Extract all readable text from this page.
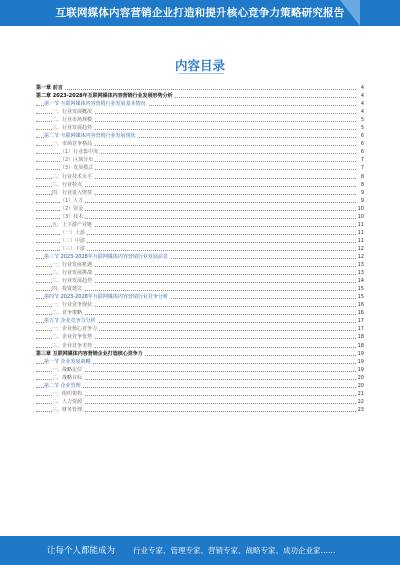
互联网媒体内容营销企业打造和提升核心竞争力策略研究报告
内容目录
第一章 前言	4
第二章 2023-2028年互联网媒体内容营销行业发展形势分析	4
第一节 互联网媒体内容营销行业发展基本情况	4
一、行业发展概况	4
二、行业市场规模	5
三、行业发展趋势	5
第二节 互联网媒体内容营销行业发展现状	6
一、市场竞争格局	6
（1）行业集中度	6
（2）区域分布	7
（3）发展模式	7
二、行业技术水平	8
三、行业特点	8
四、行业进入壁垒	9
（1）人才	9
（2）资金	10
（3）技术	10
五、上下游产业链	11
（一）上游	11
（二）中游	11
（三）下游	12
第三节 2023-2028年互联网媒体内容营销行业发展前景	12
一、行业发展机遇	13
二、行业发展挑战	13
三、行业发展趋势	14
四、投资建议	15
第四节 2023-2028年互联网媒体内容营销行业竞争分析	15
一、行业竞争现状	16
二、竞争策略	16
第五节 企业竞争力分析	17
一、企业核心竞争力	17
二、企业竞争优势	18
三、企业竞争劣势	18
第三章 互联网媒体内容营销企业打造核心竞争力	19
第一节 企业发展战略	19
一、战略定位	19
二、战略目标	20
第二节 企业管理	20
一、组织架构	21
二、人力资源	22
三、财务管理	23
让每个人都能成为 行业专家、管理专家、营销专家、战略专家、成功企业家……
